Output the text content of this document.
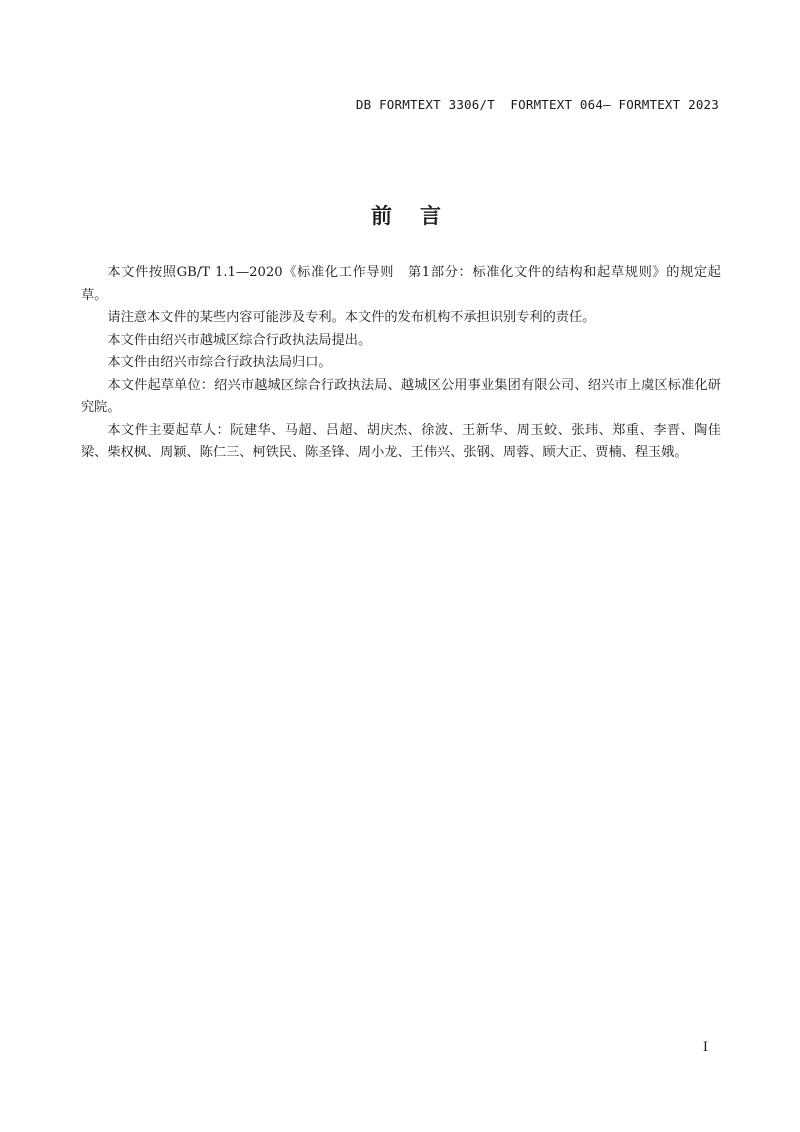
DB FORMTEXT 3306/T  FORMTEXT 064— FORMTEXT 2023
前言

本文件按照GB/T 1.1—2020《标准化工作导则　第1部分：标准化文件的结构和起草规则》的规定起草。

请注意本文件的某些内容可能涉及专利。本文件的发布机构不承担识别专利的责任。

本文件由绍兴市越城区综合行政执法局提出。

本文件由绍兴市综合行政执法局归口。

本文件起草单位：绍兴市越城区综合行政执法局、越城区公用事业集团有限公司、绍兴市上虞区标准化研究院。

本文件主要起草人：阮建华、马超、吕超、胡庆杰、徐波、王新华、周玉蛟、张玮、郑重、李晋、陶佳梁、柴权枫、周颖、陈仁三、柯铁民、陈圣锋、周小龙、王伟兴、张钢、周蓉、顾大正、贾楠、程玉娥。

I
